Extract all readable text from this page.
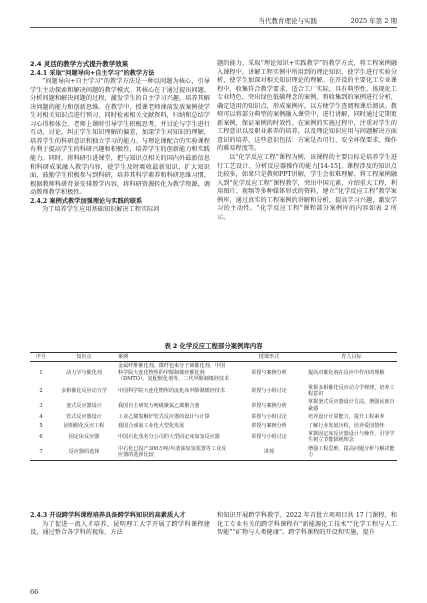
当代教育理论与实践	2025 年第 2 期
2.4 灵活的教学方式提升教学效果
2.4.1 采取“问题导向+自主学习”的教学方法

“问题导向+自主学习”的教学方法是一种以问题为核心，引导学生主动探索和解决问题的教学模式。其核心在于通过提出问题、分析问题和解决问题的过程，激发学生的自主学习兴趣，培养其解决问题的能力和创新思维。在教学中，授课老师课前发放案例使学生对相关知识点进行预习，同时检索相关文献资料，归纳和总结学习心得和体会。老师上课时引导学生积极思考，并讨论与学生进行互动、讨论，纠正学生知识理解的偏差，加深学生对知识的理解，培养学生的科研意识和独立学习的能力。与理论课配合的实验课程有利于提高学生的科研兴趣和积极性，培养学生的创新能力和实践能力。同时，将科研引进课堂，把与知识点相关的国内外最新信息和科研成果融入教学内容，使学生及时吸收最新知识、扩大知识面，鼓励学生积极参与到科研，培养其科学素养和科研思维习惯。根据教师科研背景安排教学内容，将科研资源转化为教学资源，调动教师教学积极性。

2.4.2 案例式教学加强理论与实践的联系

为了培养学生应用基础知识解决工程实际问

题的能力，采取“理论知识+实践教学”的教学方式，将工程案例融入课程中，讲解工程实例中所用到的理论知识，使学生进行实验分析，使学生加深对相关知识理论的理解。在开设的主要化工专业课程中，收集符合教学要求、适合工厂实际、具有典型性、体现化工专业特色、突出绿色低碳理念的案例。将收集到的案例进行分析，确定适用的知识点，形成案例库，以方便学生查阅和课后阅读。教师可以将部分典型的案例融入课堂中，进行讲解，同时通过定期更新案例，保证案例的时效性。在案例的实施过程中，注重对学生的工程意识以及职业素养的培养，以及理论知识应用与问题解决方面意识的培养，这些意识包括：方案是否可行、安全环保要求、操作的难易程度等。

以“化学反应工程”课程为例，该课程的主要目标是培养学生进行工艺设计、分析反应器操作的能力[14-15]。课程涉及的知识点比较多，如果只是教师PPT讲解，学生会很难理解。将工程案例融入到“化学反应工程”课程教学，突出中国元素、介绍重大工程，利用图片、视频等多种媒体形式的资料，建立“化学反应工程”教学案例库，通过真实的工程案例的讲解和分析，提高学习兴趣，激发学习的主动性。“化学反应工程”课程部分案例库的内容如表 2 所示。

表 2 化学反应工程部分案例库内容
序号	知识点	案例	授课形式	育人目标
1	动力学与催化剂	金属纤维催化剂、微纤包束分子筛催化剂、中国科学院大连化物所的甲醇制烯烃催化剂（DMTO）、复配催化剂等、二代甲醇制烯烃技术	讲授与案例分析	提高对催化剂在反应中作用的理解
2	多相催化反应动力学	中国科学院大连化物所的流化床甲醇制烯烃技术	讲授与小组讨论	掌握多相催化反应动力学规律，培养工程意识
3	釜式反应器设计	我国自主研发万吨级聚氯乙烯聚合釜	讲授与案例分析	掌握釜式反应器设计方法，增强民族自豪感
4	管式反应器设计	工业乙烯裂解炉管式反应器的设计与计算	讲授与小组讨论	培养设计计算能力，提升工程素养
5	固相催化反应工程	我国合成氨工业化大型化发展	讲授与案例分析	了解行业发展历程，培养爱国情怀
6	固定床反应器	中国石化茂名分公司的大型固定床加氢反应器	讲授与小组讨论	掌握固定床反应器设计与操作，引导学生树立节能降耗理念
7	反应器的选择	中石化已投产300万吨/年渣油加氢装置等工业反应器的选择比较	讲授	增强工程思维，提高问题分析与解决能力
2.4.3 开设跨学科课程培养具备跨学科知识的高素质人才

为了促进一流人才培养，昆明理工大学开展了跨学科课程建设，通过整合各学科的视角、方法

和知识开展跨学科教学。2022 年首批立项项目共 17 门课程，和化工专业有关的跨学科课程有“新能源化工技术”“化学工程与人工智能”“矿物与人类健康”。跨学科课程的开设和实施，提升

66
